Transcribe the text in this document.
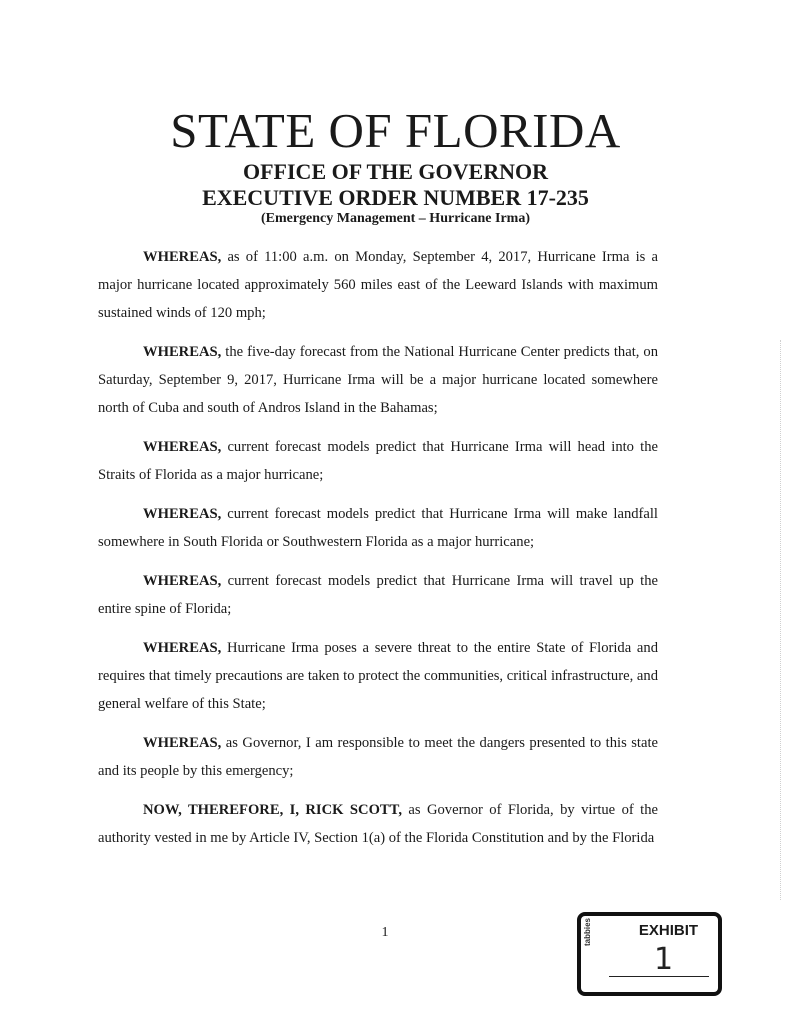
STATE OF FLORIDA
OFFICE OF THE GOVERNOR
EXECUTIVE ORDER NUMBER 17-235
(Emergency Management – Hurricane Irma)

WHEREAS, as of 11:00 a.m. on Monday, September 4, 2017, Hurricane Irma is a major hurricane located approximately 560 miles east of the Leeward Islands with maximum sustained winds of 120 mph;

WHEREAS, the five-day forecast from the National Hurricane Center predicts that, on Saturday, September 9, 2017, Hurricane Irma will be a major hurricane located somewhere north of Cuba and south of Andros Island in the Bahamas;

WHEREAS, current forecast models predict that Hurricane Irma will head into the Straits of Florida as a major hurricane;

WHEREAS, current forecast models predict that Hurricane Irma will make landfall somewhere in South Florida or Southwestern Florida as a major hurricane;

WHEREAS, current forecast models predict that Hurricane Irma will travel up the entire spine of Florida;

WHEREAS, Hurricane Irma poses a severe threat to the entire State of Florida and requires that timely precautions are taken to protect the communities, critical infrastructure, and general welfare of this State;

WHEREAS, as Governor, I am responsible to meet the dangers presented to this state and its people by this emergency;

NOW, THEREFORE, I, RICK SCOTT, as Governor of Florida, by virtue of the authority vested in me by Article IV, Section 1(a) of the Florida Constitution and by the Florida

1	EXHIBIT
tabbies
1
